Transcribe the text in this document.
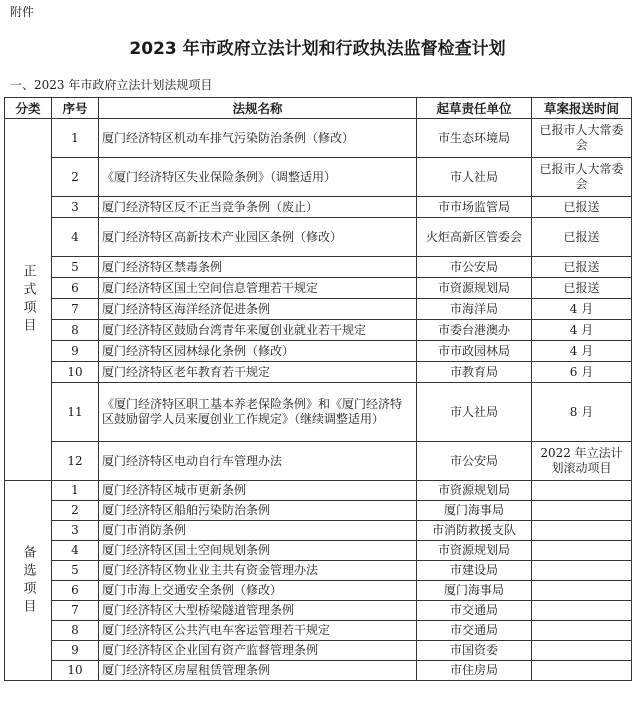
附件
2023 年市政府立法计划和行政执法监督检查计划
一、2023 年市政府立法计划法规项目
分类	序号	法规名称	起草责任单位	草案报送时间
正式项目	1	厦门经济特区机动车排气污染防治条例（修改）	市生态环境局	已报市人大常委会
	2	《厦门经济特区失业保险条例》（调整适用）	市人社局	已报市人大常委会
	3	厦门经济特区反不正当竞争条例（废止）	市市场监管局	已报送
	4	厦门经济特区高新技术产业园区条例（修改）	火炬高新区管委会	已报送
	5	厦门经济特区禁毒条例	市公安局	已报送
	6	厦门经济特区国土空间信息管理若干规定	市资源规划局	已报送
	7	厦门经济特区海洋经济促进条例	市海洋局	4 月
	8	厦门经济特区鼓励台湾青年来厦创业就业若干规定	市委台港澳办	4 月
	9	厦门经济特区园林绿化条例（修改）	市市政园林局	4 月
	10	厦门经济特区老年教育若干规定	市教育局	6 月
	11	《厦门经济特区职工基本养老保险条例》和《厦门经济特区鼓励留学人员来厦创业工作规定》（继续调整适用）	市人社局	8 月
	12	厦门经济特区电动自行车管理办法	市公安局	2022 年立法计划滚动项目
备选项目	1	厦门经济特区城市更新条例	市资源规划局	
	2	厦门经济特区船舶污染防治条例	厦门海事局	
	3	厦门市消防条例	市消防救援支队	
	4	厦门经济特区国土空间规划条例	市资源规划局	
	5	厦门经济特区物业业主共有资金管理办法	市建设局	
	6	厦门市海上交通安全条例（修改）	厦门海事局	
	7	厦门经济特区大型桥梁隧道管理条例	市交通局	
	8	厦门经济特区公共汽电车客运管理若干规定	市交通局	
	9	厦门经济特区企业国有资产监督管理条例	市国资委	
	10	厦门经济特区房屋租赁管理条例	市住房局	
